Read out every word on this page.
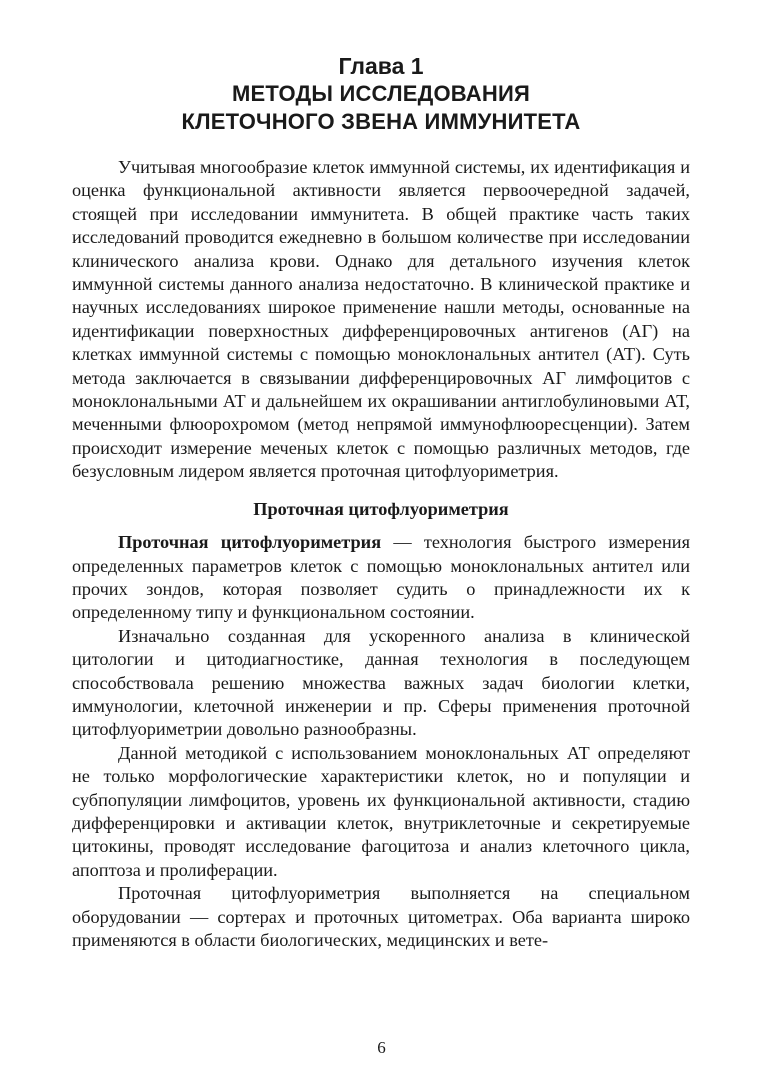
Глава 1
МЕТОДЫ ИССЛЕДОВАНИЯ
КЛЕТОЧНОГО ЗВЕНА ИММУНИТЕТА

Учитывая многообразие клеток иммунной системы, их идентификация и оценка функциональной активности является первоочередной задачей, стоящей при исследовании иммунитета. В общей практике часть таких исследований проводится ежедневно в большом количестве при исследовании клинического анализа крови. Однако для детального изучения клеток иммунной системы данного анализа недостаточно. В клинической практике и научных исследованиях широкое применение нашли методы, основанные на идентификации поверхностных дифференцировочных антигенов (АГ) на клетках иммунной системы с помощью моноклональных антител (АТ). Суть метода заключается в связывании дифференцировочных АГ лимфоцитов с моноклональными АТ и дальнейшем их окрашивании антиглобулиновыми АТ, меченными флюорохромом (метод непрямой иммунофлюоресценции). Затем происходит измерение меченых клеток с помощью различных методов, где безусловным лидером является проточная цитофлуориметрия.

Проточная цитофлуориметрия

Проточная цитофлуориметрия — технология быстрого измерения определенных параметров клеток с помощью моноклональных антител или прочих зондов, которая позволяет судить о принадлежности их к определенному типу и функциональном состоянии.

Изначально созданная для ускоренного анализа в клинической цитологии и цитодиагностике, данная технология в последующем способствовала решению множества важных задач биологии клетки, иммунологии, клеточной инженерии и пр. Сферы применения проточной цитофлуориметрии довольно разнообразны.

Данной методикой с использованием моноклональных АТ определяют не только морфологические характеристики клеток, но и популяции и субпопуляции лимфоцитов, уровень их функциональной активности, стадию дифференцировки и активации клеток, внутриклеточные и секретируемые цитокины, проводят исследование фагоцитоза и анализ клеточного цикла, апоптоза и пролиферации.

Проточная цитофлуориметрия выполняется на специальном оборудовании — сортерах и проточных цитометрах. Оба варианта широко применяются в области биологических, медицинских и вете-

6
